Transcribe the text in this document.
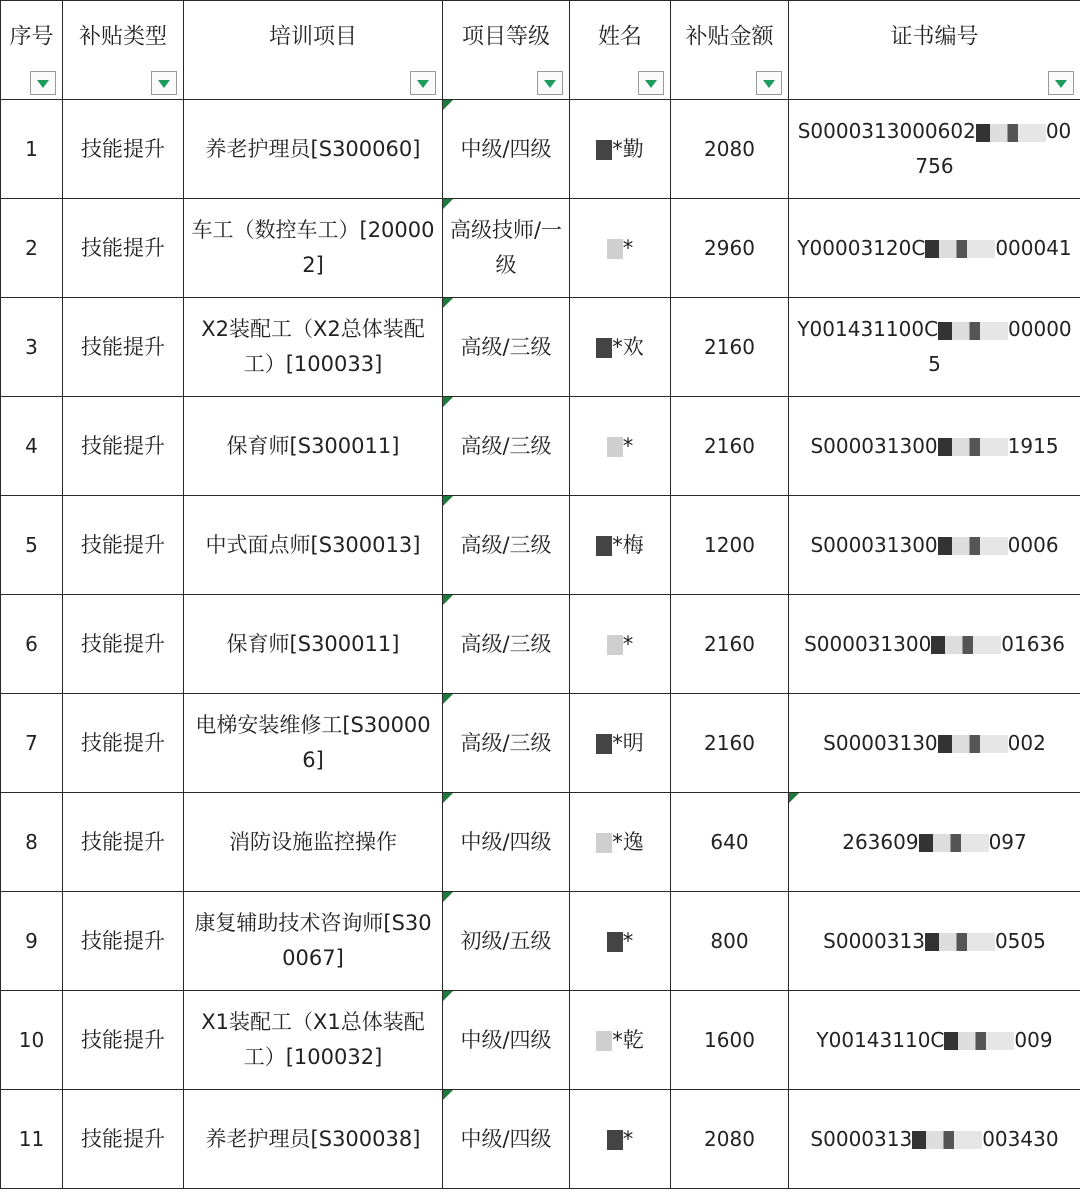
序号	补贴类型	培训项目	项目等级	姓名	补贴金额	证书编号

1	技能提升	养老护理员[S300060]	中级/四级	*勤	2080	S0000313000602 00756
2	技能提升	车工（数控车工）[200002]	高级技师/一级	*	2960	Y00003120C 000041
3	技能提升	X2装配工（X2总体装配工）[100033]	高级/三级	*欢	2160	Y001431100C 000005
4	技能提升	保育师[S300011]	高级/三级	*	2160	S000031300 1915
5	技能提升	中式面点师[S300013]	高级/三级	*梅	1200	S000031300 0006
6	技能提升	保育师[S300011]	高级/三级	*	2160	S000031300 01636
7	技能提升	电梯安装维修工[S300006]	高级/三级	*明	2160	S00003130 002
8	技能提升	消防设施监控操作	中级/四级	*逸	640	263609 097
9	技能提升	康复辅助技术咨询师[S300067]	初级/五级	*	800	S0000313 0505
10	技能提升	X1装配工（X1总体装配工）[100032]	中级/四级	*乾	1600	Y00143110C 009
11	技能提升	养老护理员[S300038]	中级/四级	*	2080	S0000313 003430
